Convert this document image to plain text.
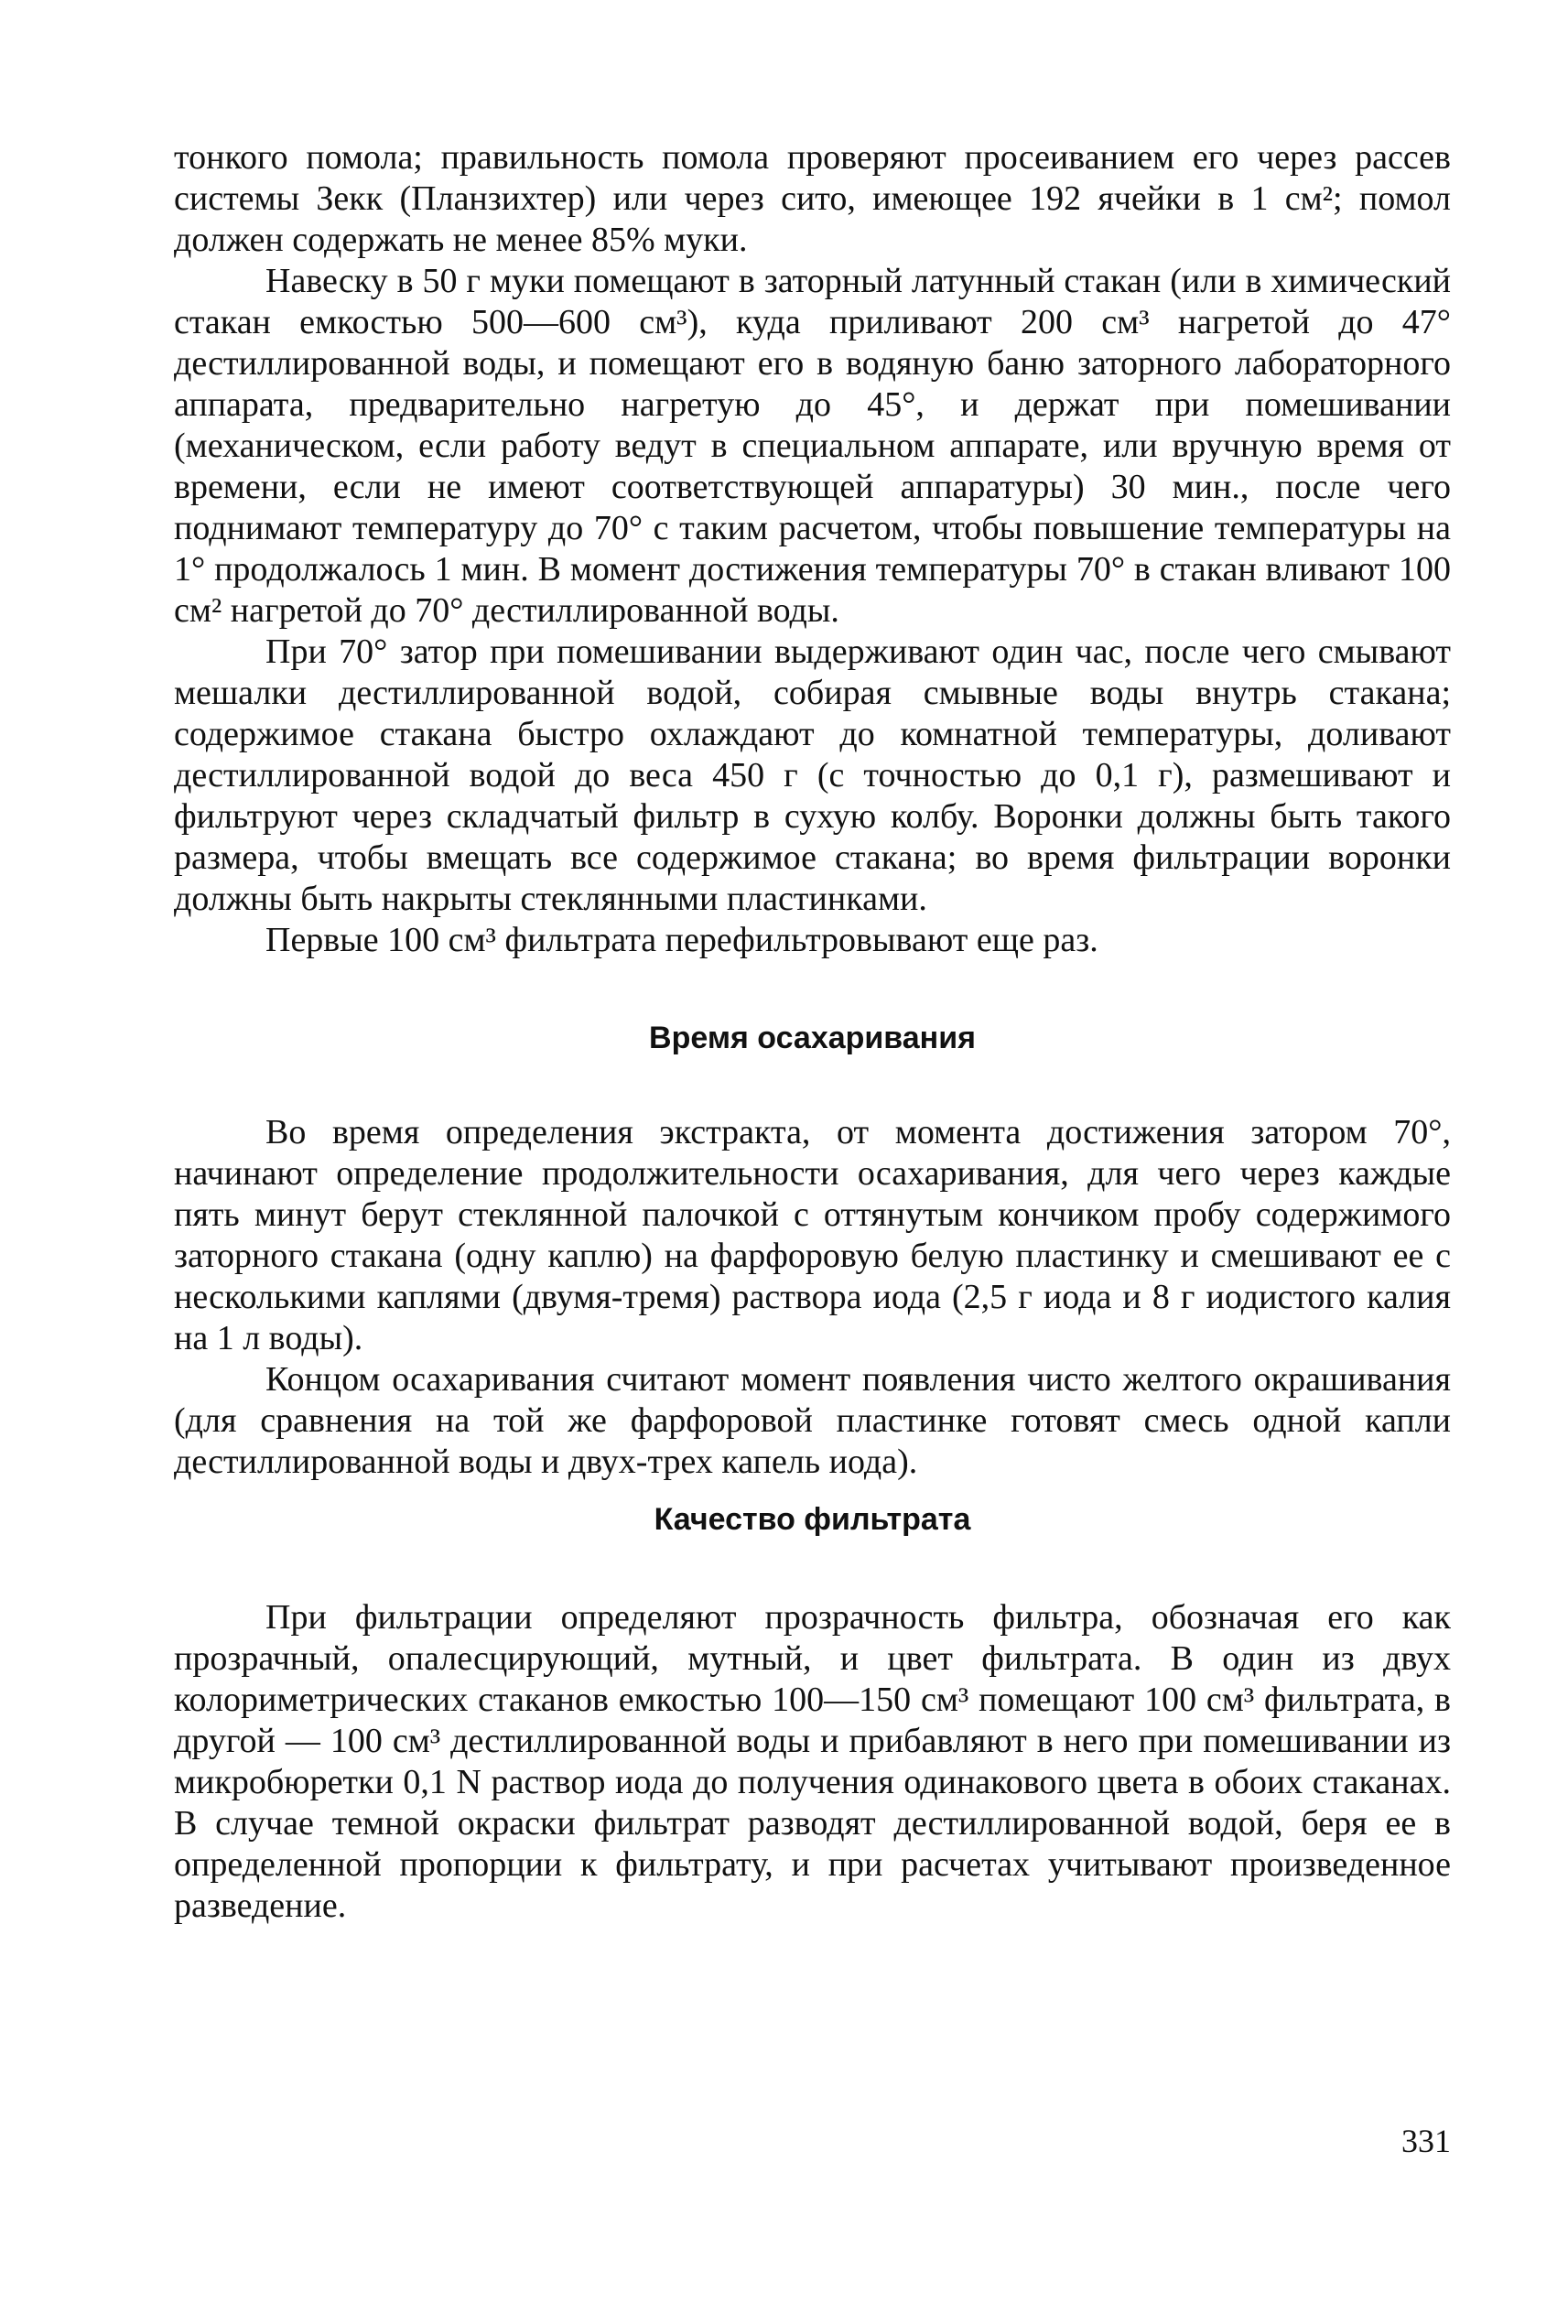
тонкого помола; правильность помола проверяют просеиванием его через рассев системы Зекк (Планзихтер) или через сито, имеющее 192 ячейки в 1 см²; помол должен содержать не менее 85% муки.

Навеску в 50 г муки помещают в заторный латунный стакан (или в химический стакан емкостью 500—600 см³), куда приливают 200 см³ нагретой до 47° дестиллированной воды, и помещают его в водяную баню заторного лабораторного аппарата, предварительно нагретую до 45°, и держат при помешивании (механическом, если работу ведут в специальном аппарате, или вручную время от времени, если не имеют соответствующей аппаратуры) 30 мин., после чего поднимают температуру до 70° с таким расчетом, чтобы повышение температуры на 1° продолжалось 1 мин. В момент достижения температуры 70° в стакан вливают 100 см² нагретой до 70° дестиллированной воды.

При 70° затор при помешивании выдерживают один час, после чего смывают мешалки дестиллированной водой, собирая смывные воды внутрь стакана; содержимое стакана быстро охлаждают до комнатной температуры, доливают дестиллированной водой до веса 450 г (с точностью до 0,1 г), размешивают и фильтруют через складчатый фильтр в сухую колбу. Воронки должны быть такого размера, чтобы вмещать все содержимое стакана; во время фильтрации воронки должны быть накрыты стеклянными пластинками.

Первые 100 см³ фильтрата перефильтровывают еще раз.

Время осахаривания

Во время определения экстракта, от момента достижения затором 70°, начинают определение продолжительности осахаривания, для чего через каждые пять минут берут стеклянной палочкой с оттянутым кончиком пробу содержимого заторного стакана (одну каплю) на фарфоровую белую пластинку и смешивают ее с несколькими каплями (двумя-тремя) раствора иода (2,5 г иода и 8 г иодистого калия на 1 л воды).

Концом осахаривания считают момент появления чисто желтого окрашивания (для сравнения на той же фарфоровой пластинке готовят смесь одной капли дестиллированной воды и двух-трех капель иода).

Качество фильтрата

При фильтрации определяют прозрачность фильтра, обозначая его как прозрачный, опалесцирующий, мутный, и цвет фильтрата. В один из двух колориметрических стаканов емкостью 100—150 см³ помещают 100 см³ фильтрата, в другой — 100 см³ дестиллированной воды и прибавляют в него при помешивании из микробюретки 0,1 N раствор иода до получения одинакового цвета в обоих стаканах. В случае темной окраски фильтрат разводят дестиллированной водой, беря ее в определенной пропорции к фильтрату, и при расчетах учитывают произведенное разведение.

331
